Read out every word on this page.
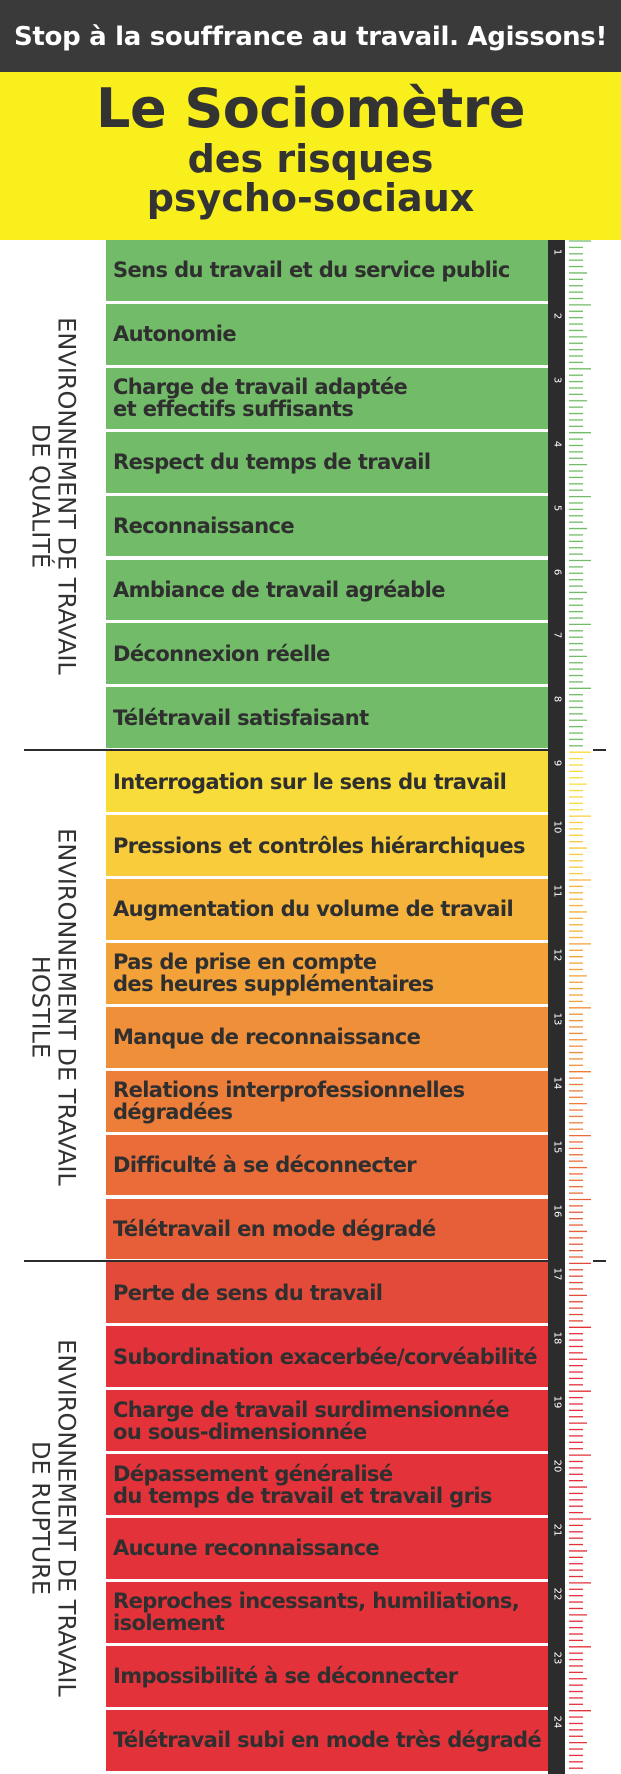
Stop à la souffrance au travail. Agissons!
Le Sociomètre
des risques
psycho-sociaux
ENVIRONNEMENT DE TRAVAIL
DE QUALITÉ
ENVIRONNEMENT DE TRAVAIL
HOSTILE
ENVIRONNEMENT DE TRAVAIL
DE RUPTURE
Sens du travail et du service public
Autonomie
Charge de travail adaptée
et effectifs suffisants
Respect du temps de travail
Reconnaissance
Ambiance de travail agréable
Déconnexion réelle
Télétravail satisfaisant
Interrogation sur le sens du travail
Pressions et contrôles hiérarchiques
Augmentation du volume de travail
Pas de prise en compte
des heures supplémentaires
Manque de reconnaissance
Relations interprofessionnelles
dégradées
Difficulté à se déconnecter
Télétravail en mode dégradé
Perte de sens du travail
Subordination exacerbée/corvéabilité
Charge de travail surdimensionnée
ou sous-dimensionnée
Dépassement généralisé
du temps de travail et travail gris
Aucune reconnaissance
Reproches incessants, humiliations,
isolement
Impossibilité à se déconnecter
Télétravail subi en mode très dégradé
1
2
3
4
5
6
7
8
9
10
11
12
13
14
15
16
17
18
19
20
21
22
23
24
